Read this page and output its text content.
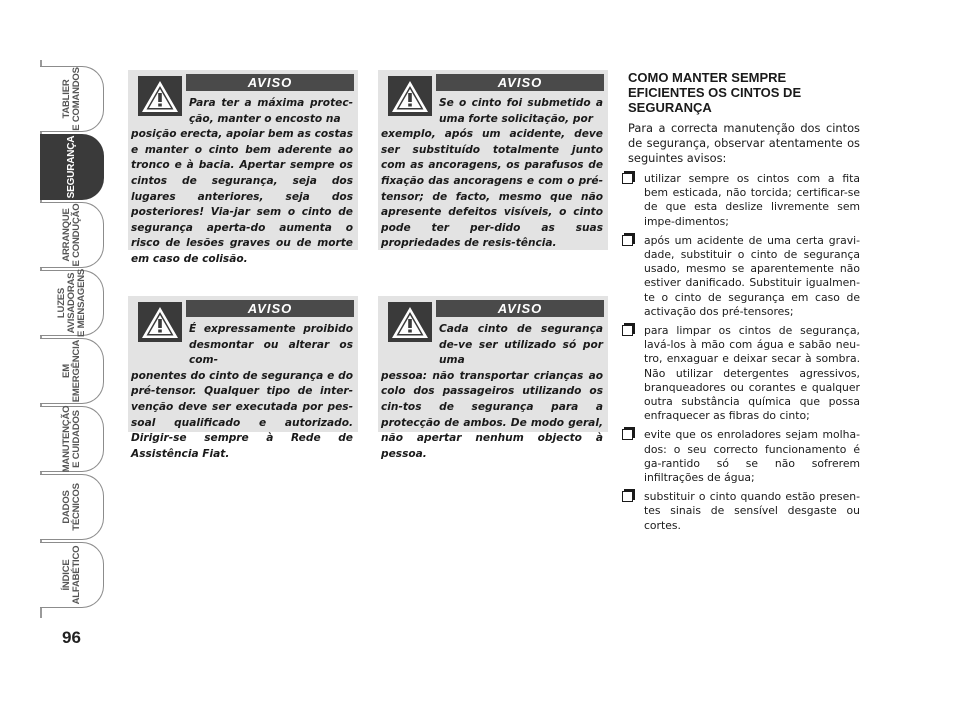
TABLIER
E COMANDOS
SEGURANÇA
ARRANQUE
E CONDUÇÃO
LUZES
AVISADORAS
E MENSAGENS
EM
EMERGÊNCIA
MANUTENÇÃO
E CUIDADOS
DADOS
TÉCNICOS
ÍNDICE
ALFABÉTICO
96
AVISO
Para ter a máxima protec-ção, manter o encosto na
posição erecta, apoiar bem as costas e manter o cinto bem aderente ao tronco e à bacia. Apertar sempre os cintos de segurança, seja dos lugares anteriores, seja dos posteriores! Via-jar sem o cinto de segurança aperta-do aumenta o risco de lesões graves ou de morte em caso de colisão.
AVISO
Se o cinto foi submetido a uma forte solicitação, por
exemplo, após um acidente, deve ser substituído totalmente junto com as ancoragens, os parafusos de fixação das ancoragens e com o pré-tensor; de facto, mesmo que não apresente defeitos visíveis, o cinto pode ter per-dido as suas propriedades de resis-tência.
AVISO
É expressamente proibido desmontar ou alterar os com-
ponentes do cinto de segurança e do pré-tensor. Qualquer tipo de inter-venção deve ser executada por pes-soal qualificado e autorizado. Dirigir-se sempre à Rede de Assistência Fiat.
AVISO
Cada cinto de segurança de-ve ser utilizado só por uma
pessoa: não transportar crianças ao colo dos passageiros utilizando os cin-tos de segurança para a protecção de ambos. De modo geral, não apertar nenhum objecto à pessoa.
COMO MANTER SEMPRE EFICIENTES OS CINTOS DE SEGURANÇA
Para a correcta manutenção dos cintos de segurança, observar atentamente os seguintes avisos:
utilizar sempre os cintos com a fita bem esticada, não torcida; certificar-se de que esta deslize livremente sem impe-dimentos;
após um acidente de uma certa gravi-dade, substituir o cinto de segurança usado, mesmo se aparentemente não estiver danificado. Substituir igualmen-te o cinto de segurança em caso de activação dos pré-tensores;
para limpar os cintos de segurança, lavá-los à mão com água e sabão neu-tro, enxaguar e deixar secar à sombra. Não utilizar detergentes agressivos, branqueadores ou corantes e qualquer outra substância química que possa enfraquecer as fibras do cinto;
evite que os enroladores sejam molha-dos: o seu correcto funcionamento é ga-rantido só se não sofrerem infiltrações de água;
substituir o cinto quando estão presen-tes sinais de sensível desgaste ou cortes.
